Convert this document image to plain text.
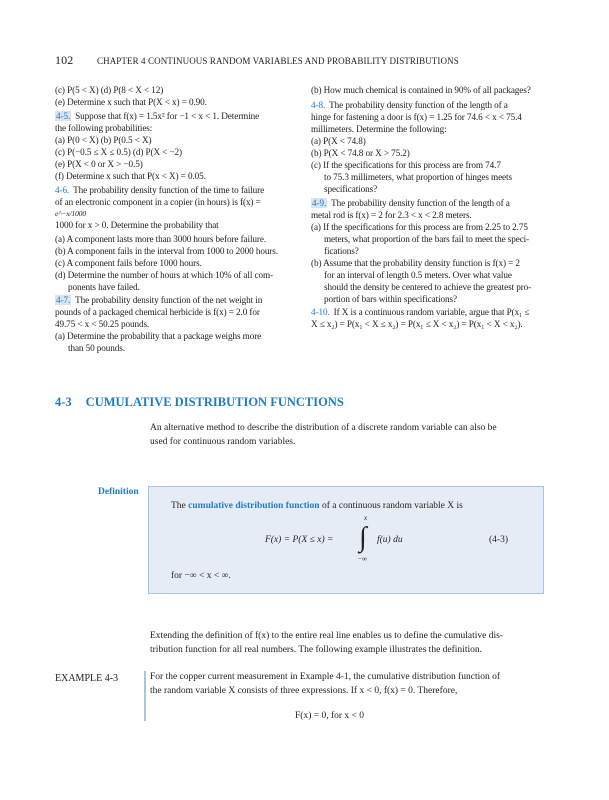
102	CHAPTER 4 CONTINUOUS RANDOM VARIABLES AND PROBABILITY DISTRIBUTIONS
(c) P(5 < X) (d) P(8 < X < 12)
(e) Determine x such that P(X < x) = 0.90.
4-5. Suppose that f(x) = 1.5x² for −1 < x < 1. Determine
the following probabilities:
(a) P(0 < X) (b) P(0.5 < X)
(c) P(−0.5 ≤ X ≤ 0.5) (d) P(X < −2)
(e) P(X < 0 or X > −0.5)
(f) Determine x such that P(x < X) = 0.05.
4-6. The probability density function of the time to failure
of an electronic component in a copier (in hours) is f(x) =
e^−x/1000
1000 for x > 0. Determine the probability that
(a) A component lasts more than 3000 hours before failure.
(b) A component fails in the interval from 1000 to 2000 hours.
(c) A component fails before 1000 hours.
(d) Determine the number of hours at which 10% of all com-
ponents have failed.
4-7. The probability density function of the net weight in
pounds of a packaged chemical herbicide is f(x) = 2.0 for
49.75 < x < 50.25 pounds.
(a) Determine the probability that a package weighs more
than 50 pounds.
(b) How much chemical is contained in 90% of all packages?
4-8. The probability density function of the length of a
hinge for fastening a door is f(x) = 1.25 for 74.6 < x < 75.4
millimeters. Determine the following:
(a) P(X < 74.8)
(b) P(X < 74.8 or X > 75.2)
(c) If the specifications for this process are from 74.7
to 75.3 millimeters, what proportion of hinges meets
specifications?
4-9. The probability density function of the length of a
metal rod is f(x) = 2 for 2.3 < x < 2.8 meters.
(a) If the specifications for this process are from 2.25 to 2.75
meters, what proportion of the bars fail to meet the speci-
fications?
(b) Assume that the probability density function is f(x) = 2
for an interval of length 0.5 meters. Over what value
should the density be centered to achieve the greatest pro-
portion of bars within specifications?
4-10. If X is a continuous random variable, argue that P(x₁ ≤
X ≤ x₂) = P(x₁ < X ≤ x₂) = P(x₁ ≤ X < x₂) = P(x₁ < X < x₂).
4-3 CUMULATIVE DISTRIBUTION FUNCTIONS
An alternative method to describe the distribution of a discrete random variable can also be
used for continuous random variables.
Definition
The cumulative distribution function of a continuous random variable X is
F(x) = P(X ≤ x) =
x
∫
−∞
f(u) du	(4-3)
for −∞ < x < ∞.
Extending the definition of f(x) to the entire real line enables us to define the cumulative dis-
tribution function for all real numbers. The following example illustrates the definition.
EXAMPLE 4-3	For the copper current measurement in Example 4-1, the cumulative distribution function of
the random variable X consists of three expressions. If x < 0, f(x) = 0. Therefore,
F(x) = 0, for x < 0
